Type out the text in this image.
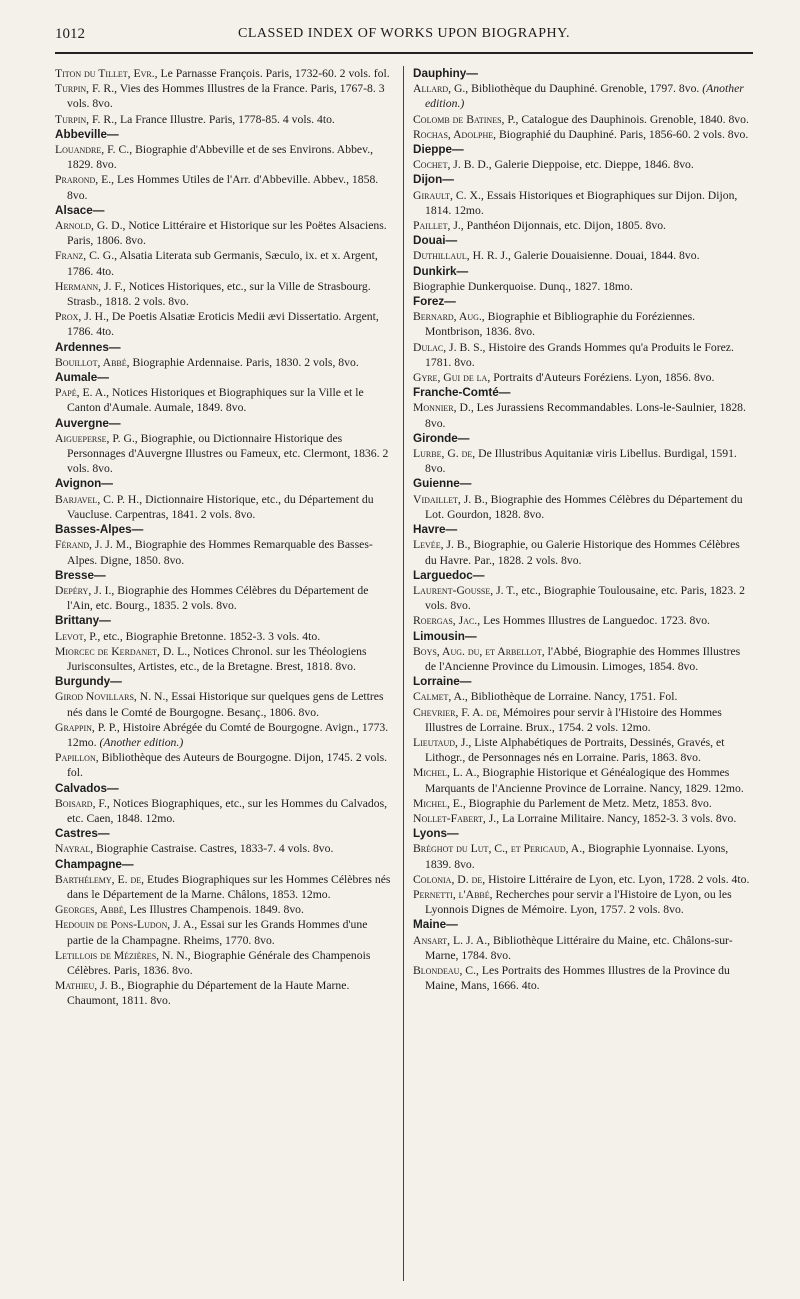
1012	CLASSED INDEX OF WORKS UPON BIOGRAPHY.

Titon du Tillet, Evr., Le Parnasse François. Paris, 1732-60. 2 vols. fol.

Turpin, F. R., Vies des Hommes Illustres de la France. Paris, 1767-8. 3 vols. 8vo.

Turpin, F. R., La France Illustre. Paris, 1778-85. 4 vols. 4to.

Abbeville—

Louandre, F. C., Biographie d'Abbeville et de ses Environs. Abbev., 1829. 8vo.

Prarond, E., Les Hommes Utiles de l'Arr. d'Abbeville. Abbev., 1858. 8vo.

Alsace—

Arnold, G. D., Notice Littéraire et Historique sur les Poëtes Alsaciens. Paris, 1806. 8vo.

Franz, C. G., Alsatia Literata sub Germanis, Sæculo, ix. et x. Argent, 1786. 4to.

Hermann, J. F., Notices Historiques, etc., sur la Ville de Strasbourg. Strasb., 1818. 2 vols. 8vo.

Prox, J. H., De Poetis Alsatiæ Eroticis Medii ævi Dissertatio. Argent, 1786. 4to.

Ardennes—

Bouillot, Abbé, Biographie Ardennaise. Paris, 1830. 2 vols, 8vo.

Aumale—

Papé, E. A., Notices Historiques et Biographiques sur la Ville et le Canton d'Aumale. Aumale, 1849. 8vo.

Auvergne—

Aigueperse, P. G., Biographie, ou Dictionnaire Historique des Personnages d'Auvergne Illustres ou Fameux, etc. Clermont, 1836. 2 vols. 8vo.

Avignon—

Barjavel, C. P. H., Dictionnaire Historique, etc., du Département du Vaucluse. Carpentras, 1841. 2 vols. 8vo.

Basses-Alpes—

Férand, J. J. M., Biographie des Hommes Remarquable des Basses-Alpes. Digne, 1850. 8vo.

Bresse—

Depéry, J. I., Biographie des Hommes Célèbres du Département de l'Ain, etc. Bourg., 1835. 2 vols. 8vo.

Brittany—

Levot, P., etc., Biographie Bretonne. 1852-3. 3 vols. 4to.

Miorcec de Kerdanet, D. L., Notices Chronol. sur les Théologiens Jurisconsultes, Artistes, etc., de la Bretagne. Brest, 1818. 8vo.

Burgundy—

Girod Novillars, N. N., Essai Historique sur quelques gens de Lettres nés dans le Comté de Bourgogne. Besanç., 1806. 8vo.

Grappin, P. P., Histoire Abrégée du Comté de Bourgogne. Avign., 1773. 12mo. (Another edition.)

Papillon, Bibliothèque des Auteurs de Bourgogne. Dijon, 1745. 2 vols. fol.

Calvados—

Boisard, F., Notices Biographiques, etc., sur les Hommes du Calvados, etc. Caen, 1848. 12mo.

Castres—

Nayral, Biographie Castraise. Castres, 1833-7. 4 vols. 8vo.

Champagne—

Barthélemy, E. de, Etudes Biographiques sur les Hommes Célèbres nés dans le Département de la Marne. Châlons, 1853. 12mo.

Georges, Abbé, Les Illustres Champenois. 1849. 8vo.

Hedouin de Pons-Ludon, J. A., Essai sur les Grands Hommes d'une partie de la Champagne. Rheims, 1770. 8vo.

Letillois de Mézières, N. N., Biographie Générale des Champenois Célèbres. Paris, 1836. 8vo.

Mathieu, J. B., Biographie du Département de la Haute Marne. Chaumont, 1811. 8vo.

Dauphiny—

Allard, G., Bibliothèque du Dauphiné. Grenoble, 1797. 8vo. (Another edition.)

Colomb de Batines, P., Catalogue des Dauphinois. Grenoble, 1840. 8vo.

Rochas, Adolphe, Biographié du Dauphiné. Paris, 1856-60. 2 vols. 8vo.

Dieppe—

Cochet, J. B. D., Galerie Dieppoise, etc. Dieppe, 1846. 8vo.

Dijon—

Girault, C. X., Essais Historiques et Biographiques sur Dijon. Dijon, 1814. 12mo.

Paillet, J., Panthéon Dijonnais, etc. Dijon, 1805. 8vo.

Douai—

Duthillaul, H. R. J., Galerie Douaisienne. Douai, 1844. 8vo.

Dunkirk—

Biographie Dunkerquoise. Dunq., 1827. 18mo.

Forez—

Bernard, Aug., Biographie et Bibliographie du Foréziennes. Montbrison, 1836. 8vo.

Dulac, J. B. S., Histoire des Grands Hommes qu'a Produits le Forez. 1781. 8vo.

Gyre, Gui de la, Portraits d'Auteurs Foréziens. Lyon, 1856. 8vo.

Franche-Comté—

Monnier, D., Les Jurassiens Recommandables. Lons-le-Saulnier, 1828. 8vo.

Gironde—

Lurbe, G. de, De Illustribus Aquitaniæ viris Libellus. Burdigal, 1591. 8vo.

Guienne—

Vidaillet, J. B., Biographie des Hommes Célèbres du Département du Lot. Gourdon, 1828. 8vo.

Havre—

Levée, J. B., Biographie, ou Galerie Historique des Hommes Célèbres du Havre. Par., 1828. 2 vols. 8vo.

Larguedoc—

Laurent-Gousse, J. T., etc., Biographie Toulousaine, etc. Paris, 1823. 2 vols. 8vo.

Roergas, Jac., Les Hommes Illustres de Languedoc. 1723. 8vo.

Limousin—

Boys, Aug. du, et Arbellot, l'Abbé, Biographie des Hommes Illustres de l'Ancienne Province du Limousin. Limoges, 1854. 8vo.

Lorraine—

Calmet, A., Bibliothèque de Lorraine. Nancy, 1751. Fol.

Chevrier, F. A. de, Mémoires pour servir à l'Histoire des Hommes Illustres de Lorraine. Brux., 1754. 2 vols. 12mo.

Lieutaud, J., Liste Alphabétiques de Portraits, Dessinés, Gravés, et Lithogr., de Personnages nés en Lorraine. Paris, 1863. 8vo.

Michel, L. A., Biographie Historique et Généalogique des Hommes Marquants de l'Ancienne Province de Lorraine. Nancy, 1829. 12mo.

Michel, E., Biographie du Parlement de Metz. Metz, 1853. 8vo.

Nollet-Fabert, J., La Lorraine Militaire. Nancy, 1852-3. 3 vols. 8vo.

Lyons—

Bréghot du Lut, C., et Pericaud, A., Biographie Lyonnaise. Lyons, 1839. 8vo.

Colonia, D. de, Histoire Littéraire de Lyon, etc. Lyon, 1728. 2 vols. 4to.

Pernetti, l'Abbé, Recherches pour servir a l'Histoire de Lyon, ou les Lyonnois Dignes de Mémoire. Lyon, 1757. 2 vols. 8vo.

Maine—

Ansart, L. J. A., Bibliothèque Littéraire du Maine, etc. Châlons-sur-Marne, 1784. 8vo.

Blondeau, C., Les Portraits des Hommes Illustres de la Province du Maine, Mans, 1666. 4to.
